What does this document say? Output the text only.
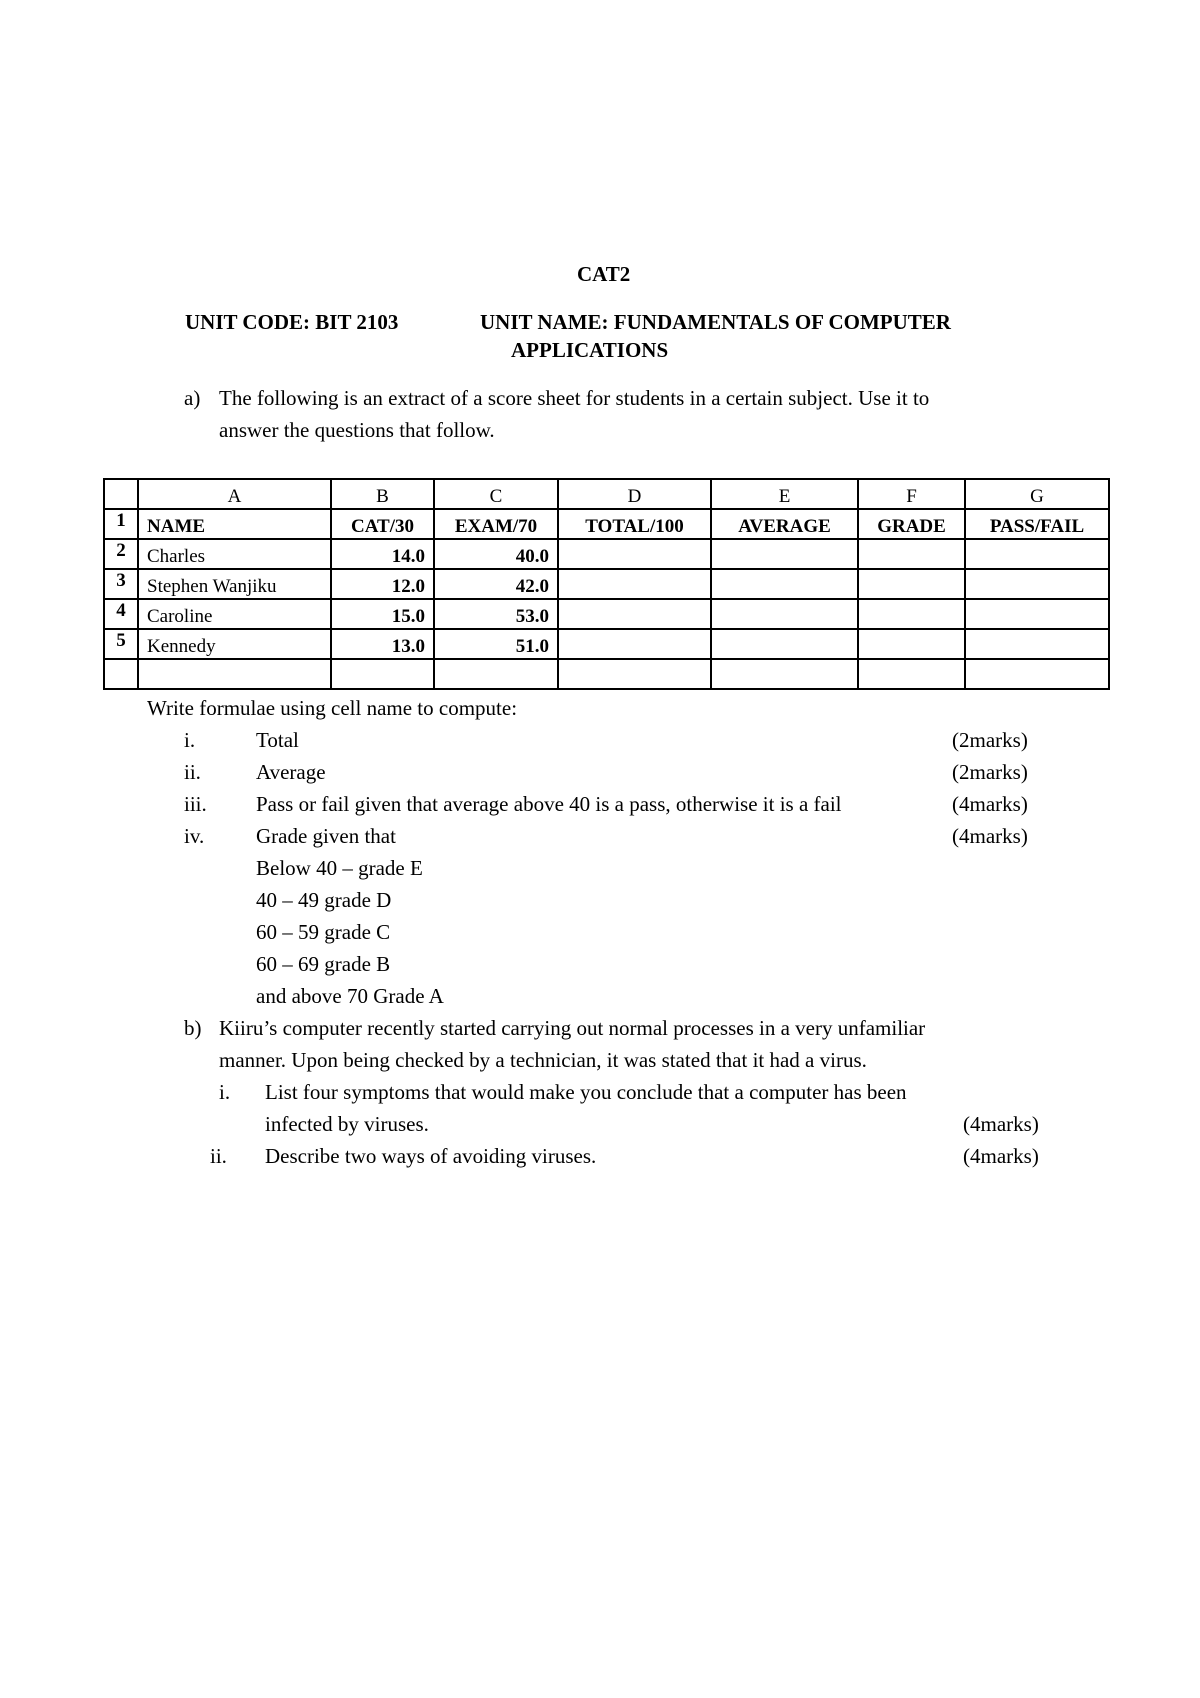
CAT2
UNIT CODE: BIT 2103	UNIT NAME: FUNDAMENTALS OF COMPUTER
APPLICATIONS
a) The following is an extract of a score sheet for students in a certain subject. Use it to
answer the questions that follow.
	A	B	C	D	E	F	G
1	NAME	CAT/30	EXAM/70	TOTAL/100	AVERAGE	GRADE	PASS/FAIL
2	Charles	14.0	40.0				
3	Stephen Wanjiku	12.0	42.0				
4	Caroline	15.0	53.0				
5	Kennedy	13.0	51.0				

Write formulae using cell name to compute:
i.	Total	(2marks)
ii.	Average	(2marks)
iii. Pass or fail given that average above 40 is a pass, otherwise it is a fail	(4marks)
iv. Grade given that	(4marks)
Below 40 – grade E
40 – 49 grade D
60 – 59 grade C
60 – 69 grade B
and above 70 Grade A
b) Kiiru’s computer recently started carrying out normal processes in a very unfamiliar
manner. Upon being checked by a technician, it was stated that it had a virus.
i. List four symptoms that would make you conclude that a computer has been
infected by viruses.	(4marks)
ii. Describe two ways of avoiding viruses.	(4marks)
